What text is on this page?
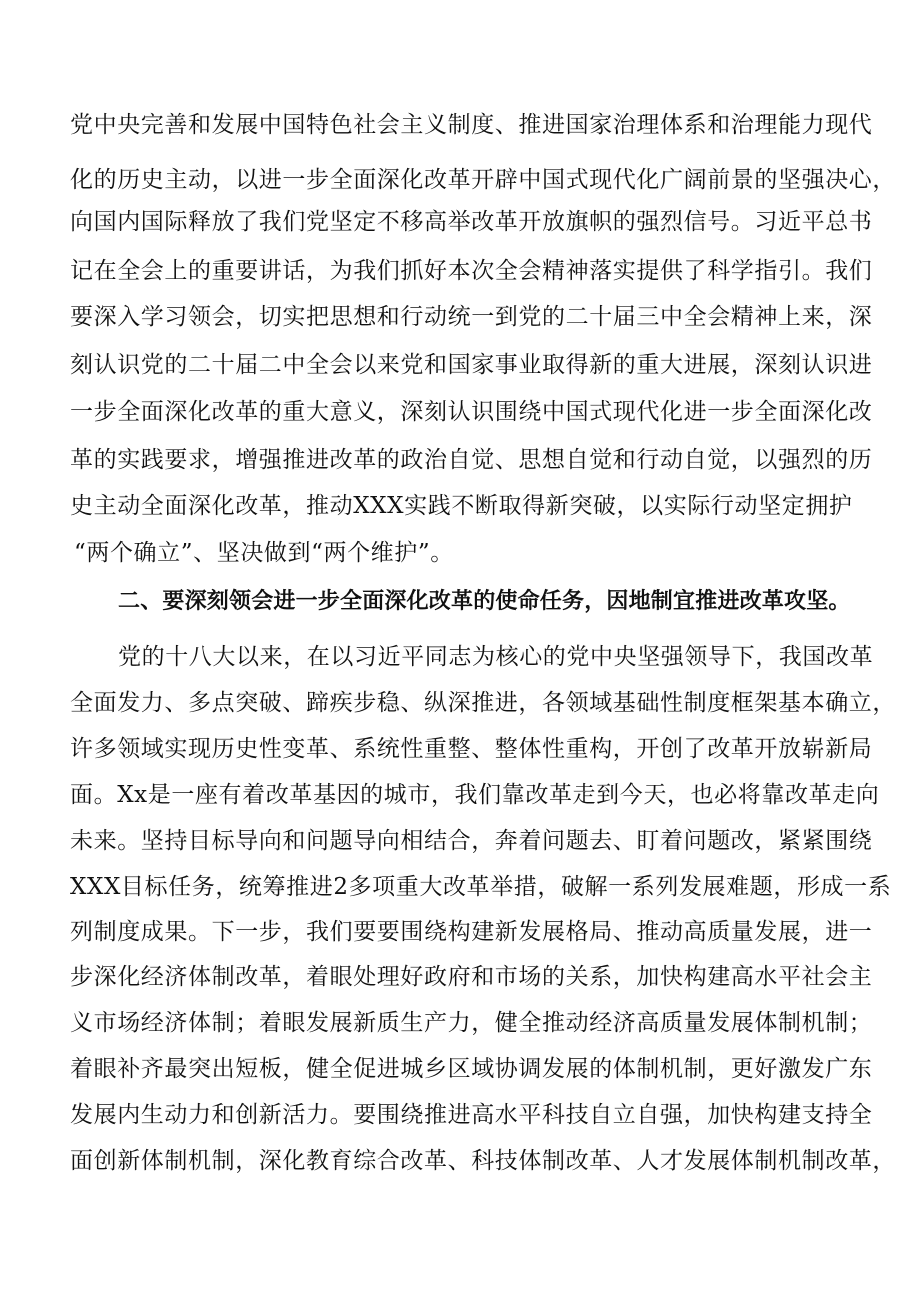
党中央完善和发展中国特色社会主义制度、推进国家治理体系和治理能力现代
化的历史主动，以进一步全面深化改革开辟中国式现代化广阔前景的坚强决心，
向国内国际释放了我们党坚定不移高举改革开放旗帜的强烈信号。习近平总书
记在全会上的重要讲话，为我们抓好本次全会精神落实提供了科学指引。我们
要深入学习领会，切实把思想和行动统一到党的二十届三中全会精神上来，深
刻认识党的二十届二中全会以来党和国家事业取得新的重大进展，深刻认识进
一步全面深化改革的重大意义，深刻认识围绕中国式现代化进一步全面深化改
革的实践要求，增强推进改革的政治自觉、思想自觉和行动自觉，以强烈的历
史主动全面深化改革，推动XXX实践不断取得新突破，以实际行动坚定拥护
“两个确立”、坚决做到“两个维护”。
二、要深刻领会进一步全面深化改革的使命任务，因地制宜推进改革攻坚。
党的十八大以来，在以习近平同志为核心的党中央坚强领导下，我国改革
全面发力、多点突破、蹄疾步稳、纵深推进，各领域基础性制度框架基本确立，
许多领域实现历史性变革、系统性重整、整体性重构，开创了改革开放崭新局
面。Xx是一座有着改革基因的城市，我们靠改革走到今天，也必将靠改革走向
未来。坚持目标导向和问题导向相结合，奔着问题去、盯着问题改，紧紧围绕
XXX目标任务，统筹推进2多项重大改革举措，破解一系列发展难题，形成一系
列制度成果。下一步，我们要要围绕构建新发展格局、推动高质量发展，进一
步深化经济体制改革，着眼处理好政府和市场的关系，加快构建高水平社会主
义市场经济体制；着眼发展新质生产力，健全推动经济高质量发展体制机制；
着眼补齐最突出短板，健全促进城乡区域协调发展的体制机制，更好激发广东
发展内生动力和创新活力。要围绕推进高水平科技自立自强，加快构建支持全
面创新体制机制，深化教育综合改革、科技体制改革、人才发展体制机制改革，
